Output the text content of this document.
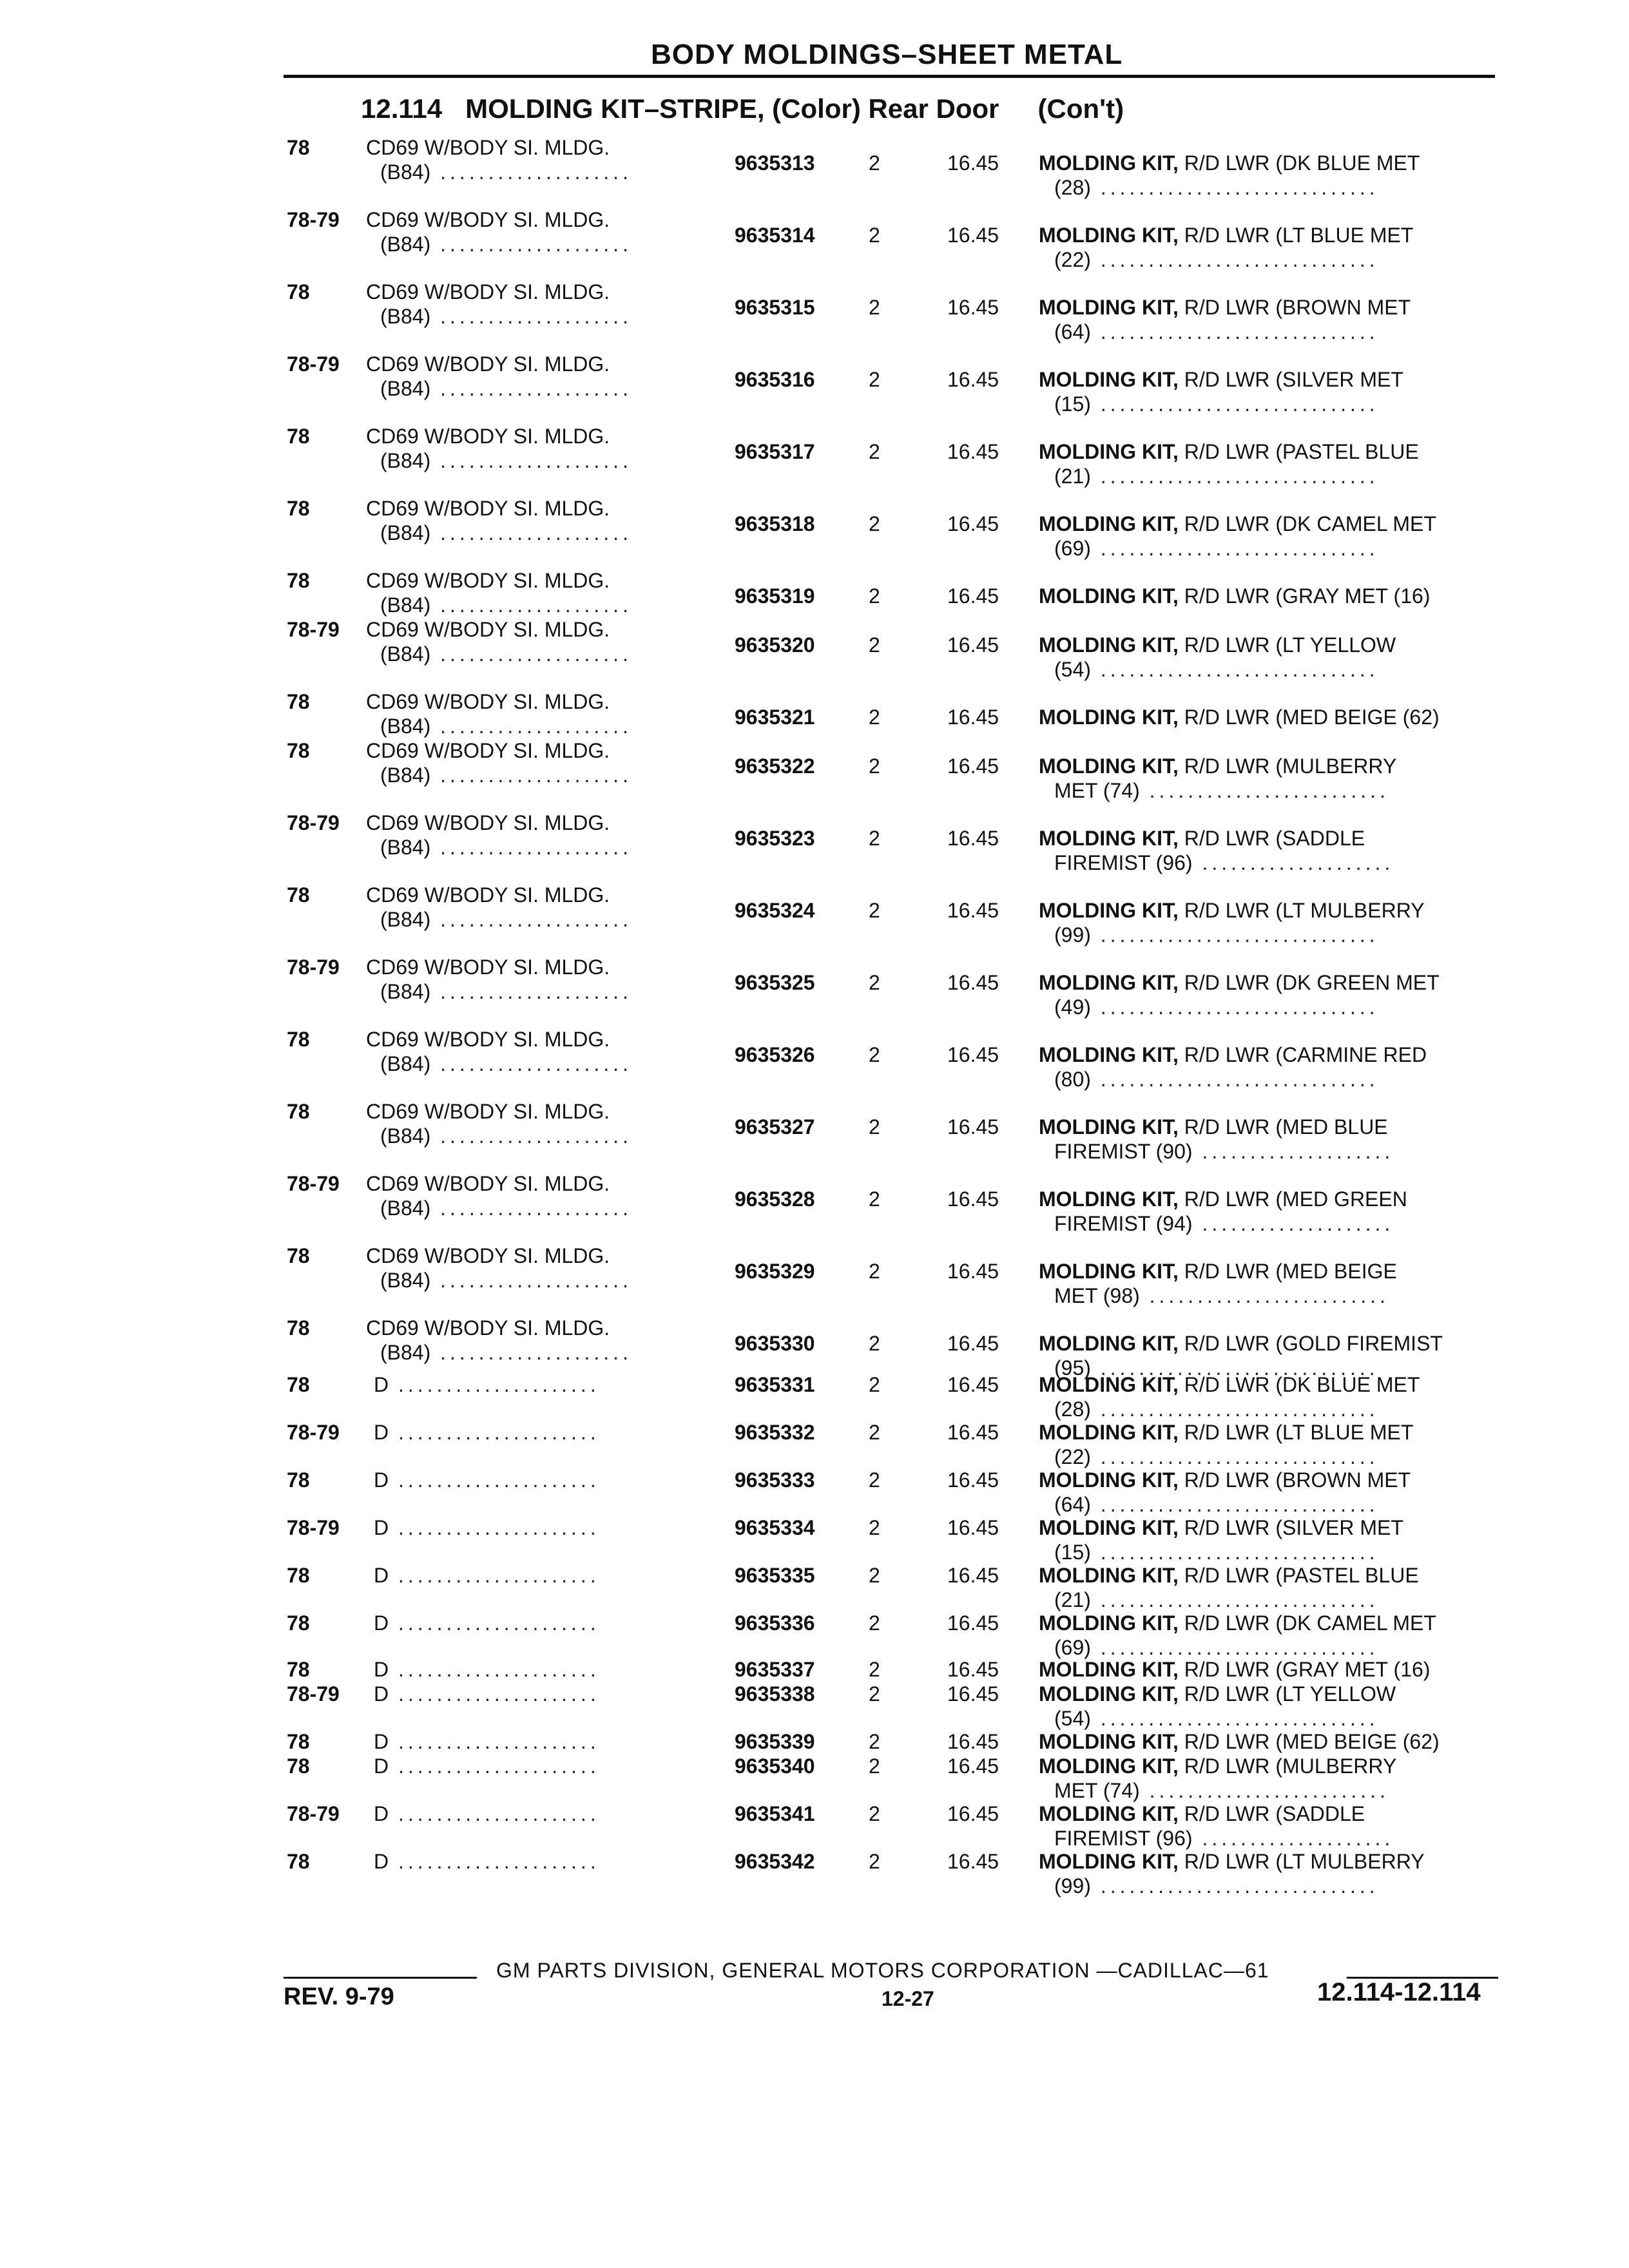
BODY MOLDINGS–SHEET METAL
12.114 MOLDING KIT–STRIPE, (Color) Rear Door (Con't)
78	CD69 W/BODY SI. MLDG.
(B84) ....................	9635313	2	16.45 MOLDING KIT, R/D LWR (DK BLUE MET
(28) .............................
78-79 CD69 W/BODY SI. MLDG.
(B84) ....................	9635314	2	16.45 MOLDING KIT, R/D LWR (LT BLUE MET
(22) .............................
78	CD69 W/BODY SI. MLDG.
(B84) ....................	9635315	2	16.45 MOLDING KIT, R/D LWR (BROWN MET
(64) .............................
78-79 CD69 W/BODY SI. MLDG.
(B84) ....................	9635316	2	16.45 MOLDING KIT, R/D LWR (SILVER MET
(15) .............................
78	CD69 W/BODY SI. MLDG.
(B84) ....................	9635317	2	16.45 MOLDING KIT, R/D LWR (PASTEL BLUE
(21) .............................
78	CD69 W/BODY SI. MLDG.
(B84) ....................	9635318	2	16.45 MOLDING KIT, R/D LWR (DK CAMEL MET
(69) .............................
78	CD69 W/BODY SI. MLDG.
(B84) ....................	9635319	2	16.45 MOLDING KIT, R/D LWR (GRAY MET (16)
78-79 CD69 W/BODY SI. MLDG.
(B84) ....................	9635320	2	16.45 MOLDING KIT, R/D LWR (LT YELLOW
(54) .............................
78	CD69 W/BODY SI. MLDG.
(B84) ....................	9635321	2	16.45 MOLDING KIT, R/D LWR (MED BEIGE (62)
78	CD69 W/BODY SI. MLDG.
(B84) ....................	9635322	2	16.45 MOLDING KIT, R/D LWR (MULBERRY
MET (74) .........................
78-79 CD69 W/BODY SI. MLDG.
(B84) ....................	9635323	2	16.45 MOLDING KIT, R/D LWR (SADDLE
FIREMIST (96) ....................
78	CD69 W/BODY SI. MLDG.
(B84) ....................	9635324	2	16.45 MOLDING KIT, R/D LWR (LT MULBERRY
(99) .............................
78-79 CD69 W/BODY SI. MLDG.
(B84) ....................	9635325	2	16.45 MOLDING KIT, R/D LWR (DK GREEN MET
(49) .............................
78	CD69 W/BODY SI. MLDG.
(B84) ....................	9635326	2	16.45 MOLDING KIT, R/D LWR (CARMINE RED
(80) .............................
78	CD69 W/BODY SI. MLDG.
(B84) ....................	9635327	2	16.45 MOLDING KIT, R/D LWR (MED BLUE
FIREMIST (90) ....................
78-79 CD69 W/BODY SI. MLDG.
(B84) ....................	9635328	2	16.45 MOLDING KIT, R/D LWR (MED GREEN
FIREMIST (94) ....................
78	CD69 W/BODY SI. MLDG.
(B84) ....................	9635329	2	16.45 MOLDING KIT, R/D LWR (MED BEIGE
MET (98) .........................
78	CD69 W/BODY SI. MLDG.
(B84) ....................	9635330	2	16.45 MOLDING KIT, R/D LWR (GOLD FIREMIST
(95) .............................
78	D .....................	9635331	2	16.45 MOLDING KIT, R/D LWR (DK BLUE MET
(28) .............................
78-79 D .....................	9635332	2	16.45 MOLDING KIT, R/D LWR (LT BLUE MET
(22) .............................
78	D .....................	9635333	2	16.45 MOLDING KIT, R/D LWR (BROWN MET
(64) .............................
78-79 D .....................	9635334	2	16.45 MOLDING KIT, R/D LWR (SILVER MET
(15) .............................
78	D .....................	9635335	2	16.45 MOLDING KIT, R/D LWR (PASTEL BLUE
(21) .............................
78	D .....................	9635336	2	16.45 MOLDING KIT, R/D LWR (DK CAMEL MET
(69) .............................
78	D .....................	9635337	2	16.45 MOLDING KIT, R/D LWR (GRAY MET (16)
78-79 D .....................	9635338	2	16.45 MOLDING KIT, R/D LWR (LT YELLOW
(54) .............................
78	D .....................	9635339	2	16.45 MOLDING KIT, R/D LWR (MED BEIGE (62)
78	D .....................	9635340	2	16.45 MOLDING KIT, R/D LWR (MULBERRY
MET (74) .........................
78-79 D .....................	9635341	2	16.45 MOLDING KIT, R/D LWR (SADDLE
FIREMIST (96) ....................
78	D .....................	9635342	2	16.45 MOLDING KIT, R/D LWR (LT MULBERRY
(99) .............................
GM PARTS DIVISION, GENERAL MOTORS CORPORATION —CADILLAC—61
REV. 9-79	12-27	12.114-12.114
